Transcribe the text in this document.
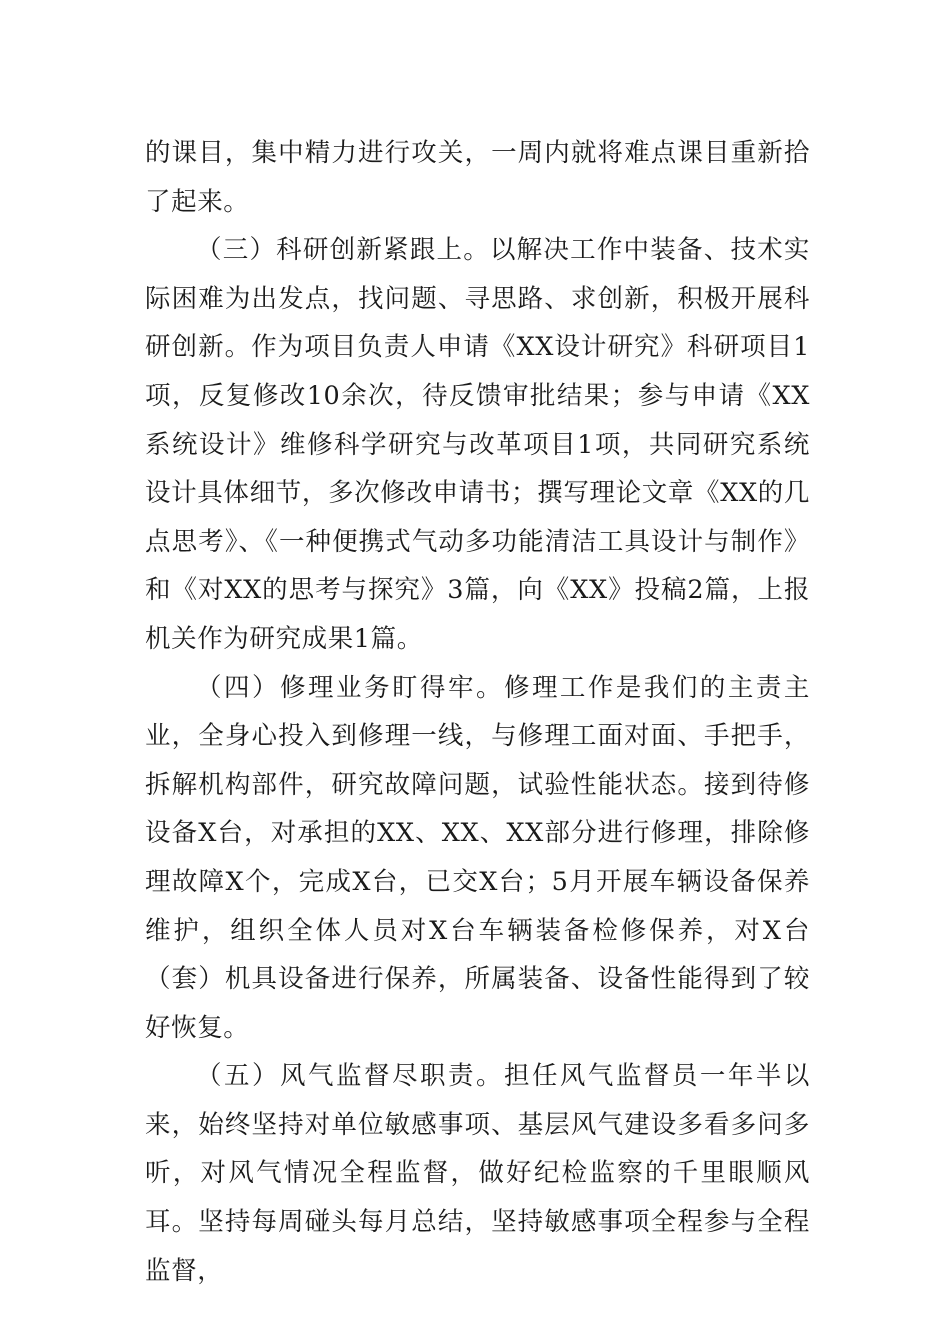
的课目，集中精力进行攻关，一周内就将难点课目重新拾了起来。

（三）科研创新紧跟上。以解决工作中装备、技术实际困难为出发点，找问题、寻思路、求创新，积极开展科研创新。作为项目负责人申请《XX设计研究》科研项目1项，反复修改10余次，待反馈审批结果；参与申请《XX系统设计》维修科学研究与改革项目1项，共同研究系统设计具体细节，多次修改申请书；撰写理论文章《XX的几点思考》、《一种便携式气动多功能清洁工具设计与制作》和《对XX的思考与探究》3篇，向《XX》投稿2篇，上报机关作为研究成果1篇。

（四）修理业务盯得牢。修理工作是我们的主责主业，全身心投入到修理一线，与修理工面对面、手把手，拆解机构部件，研究故障问题，试验性能状态。接到待修设备X台，对承担的XX、XX、XX部分进行修理，排除修理故障X个，完成X台，已交X台；5月开展车辆设备保养维护，组织全体人员对X台车辆装备检修保养，对X台（套）机具设备进行保养，所属装备、设备性能得到了较好恢复。

（五）风气监督尽职责。担任风气监督员一年半以来，始终坚持对单位敏感事项、基层风气建设多看多问多听，对风气情况全程监督，做好纪检监察的千里眼顺风耳。坚持每周碰头每月总结，坚持敏感事项全程参与全程监督，
